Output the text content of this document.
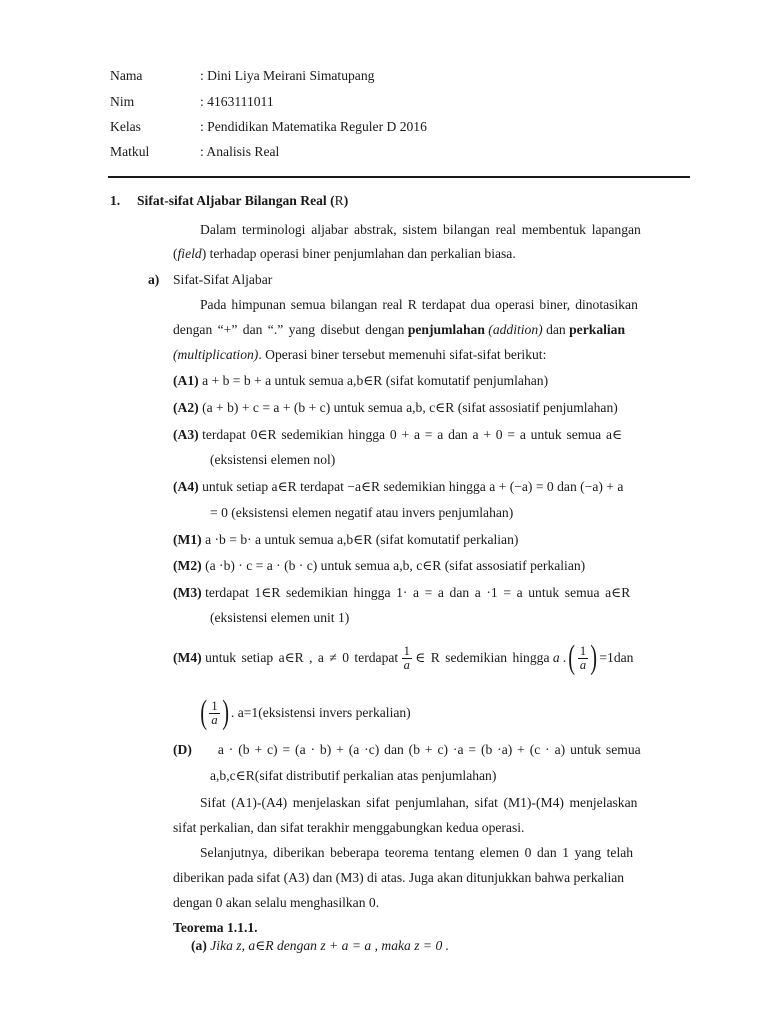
Nama	: Dini Liya Meirani Simatupang
Nim	: 4163111011
Kelas	: Pendidikan Matematika Reguler D 2016
Matkul	: Analisis Real
1. Sifat-sifat Aljabar Bilangan Real (R)
Dalam terminologi aljabar abstrak, sistem bilangan real membentuk lapangan
(field) terhadap operasi biner penjumlahan dan perkalian biasa.
a) Sifat-Sifat Aljabar
Pada himpunan semua bilangan real R terdapat dua operasi biner, dinotasikan
dengan “+” dan “.” yang disebut dengan penjumlahan (addition) dan perkalian
(multiplication). Operasi biner tersebut memenuhi sifat-sifat berikut:
(A1) a + b = b + a untuk semua a,b∈R (sifat komutatif penjumlahan)
(A2) (a + b) + c = a + (b + c) untuk semua a,b, c∈R (sifat assosiatif penjumlahan)
(A3) terdapat 0∈R sedemikian hingga 0 + a = a dan a + 0 = a untuk semua a∈
(eksistensi elemen nol)
(A4) untuk setiap a∈R terdapat −a∈R sedemikian hingga a + (−a) = 0 dan (−a) + a
= 0 (eksistensi elemen negatif atau invers penjumlahan)
(M1) a ·b = b· a untuk semua a,b∈R (sifat komutatif perkalian)
(M2) (a ·b) · c = a · (b · c) untuk semua a,b, c∈R (sifat assosiatif perkalian)
(M3) terdapat 1∈R sedemikian hingga 1· a = a dan a ·1 = a untuk semua a∈R
(eksistensi elemen unit 1)
(M4)
untuk setiap a∈R , a ≠ 0 terdapat
$\frac{1}{a}$
∈ R sedemikian hingga
a . ( $\frac{1}{a}$ ) =1dan
( $\frac{1}{a}$ ) . a=1(eksistensi invers perkalian)
(D) a · (b + c) = (a · b) + (a ·c) dan (b + c) ·a = (b ·a) + (c · a) untuk semua
a,b,c∈R(sifat distributif perkalian atas penjumlahan)
Sifat (A1)-(A4) menjelaskan sifat penjumlahan, sifat (M1)-(M4) menjelaskan
sifat perkalian, dan sifat terakhir menggabungkan kedua operasi.
Selanjutnya, diberikan beberapa teorema tentang elemen 0 dan 1 yang telah
diberikan pada sifat (A3) dan (M3) di atas. Juga akan ditunjukkan bahwa perkalian
dengan 0 akan selalu menghasilkan 0.
Teorema 1.1.1.
(a) Jika z, a∈R dengan z + a = a , maka z = 0 .
